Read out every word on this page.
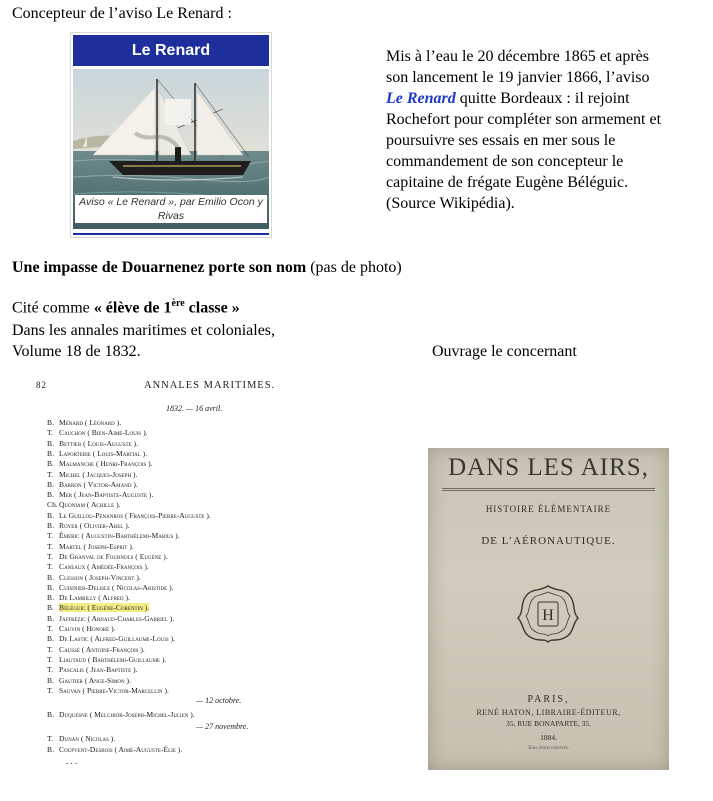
Concepteur de l’aviso Le Renard :
Le Renard
Aviso « Le Renard », par Emilio Ocon y
Rivas
Mis à l’eau le 20 décembre 1865 et après
son lancement le 19 janvier 1866, l’aviso
Le Renard quitte Bordeaux : il rejoint
Rochefort pour compléter son armement et
poursuivre ses essais en mer sous le
commandement de son concepteur le
capitaine de frégate Eugène Béléguic.
(Source Wikipédia).
Une impasse de Douarnenez porte son nom (pas de photo)
Cité comme « élève de 1ère classe »
Dans les annales maritimes et coloniales,
Volume 18 de 1832.	Ouvrage le concernant
82	ANNALES MARITIMES.
1832. — 16 avril.
B. Ménard ( Léonard ).
T. Cauchon ( Bien-Aimé-Louis ).
B. Bettier ( Louis-Auguste ).
B. Laporterie ( Louis-Martial ).
B. Malmanche ( Henri-François ).
T. Michel ( Jacques-Joseph ).
B. Barron ( Victor-Amand ).
B. Mer ( Jean-Baptiste-Auguste ).
Ch.Quoniam ( Achille ).
B. Le Guillou-Penanros ( François-Pierre-Auguste ).
B. Royer ( Olivier-Abel ).
T. Émeric ( Augustin-Barthélemi-Marius ).
T. Martel ( Joseph-Esprit ).
T. De Granval de Fournols ( Eugène ).
T. Caneaux ( Amédée-François ).
B. Clesson ( Joseph-Vincent ).
B. Cuisinier-Delisle ( Nicolas-Aristide ).
B. De Lambilly ( Alfred ).
B. Béléguic ( Eugène-Corentin ).
B. Jaffrezic ( Arnaud-Charles-Gabriel ).
T. Cauvin ( Honoré ).
B. De Lastic ( Alfred-Guillaume-Louis ).
T. Caussé ( Antoine-François ).
T. Liautaud ( Barthélemi-Guillaume ).
T. Pascalis ( Jean-Baptiste ).
B. Gautier ( Ange-Simon ).
T. Sauvan ( Pierre-Victor-Marcellin ).
— 12 octobre.
B. Duquesne ( Melchior-Joseph-Michel-Julien ).
— 27 novembre.
T. Dunan ( Nicolas ).
B. Coupvent-Desbois ( Aimé-Auguste-Élie ).
. . .
DANS LES AIRS,
HISTOIRE ÉLÉMENTAIRE
DE L’AÉRONAUTIQUE.
H
PARIS,
RENÉ HATON, LIBRAIRE-ÉDITEUR,
35, RUE BONAPARTE, 35.
1884.
Tous droits réservés.
